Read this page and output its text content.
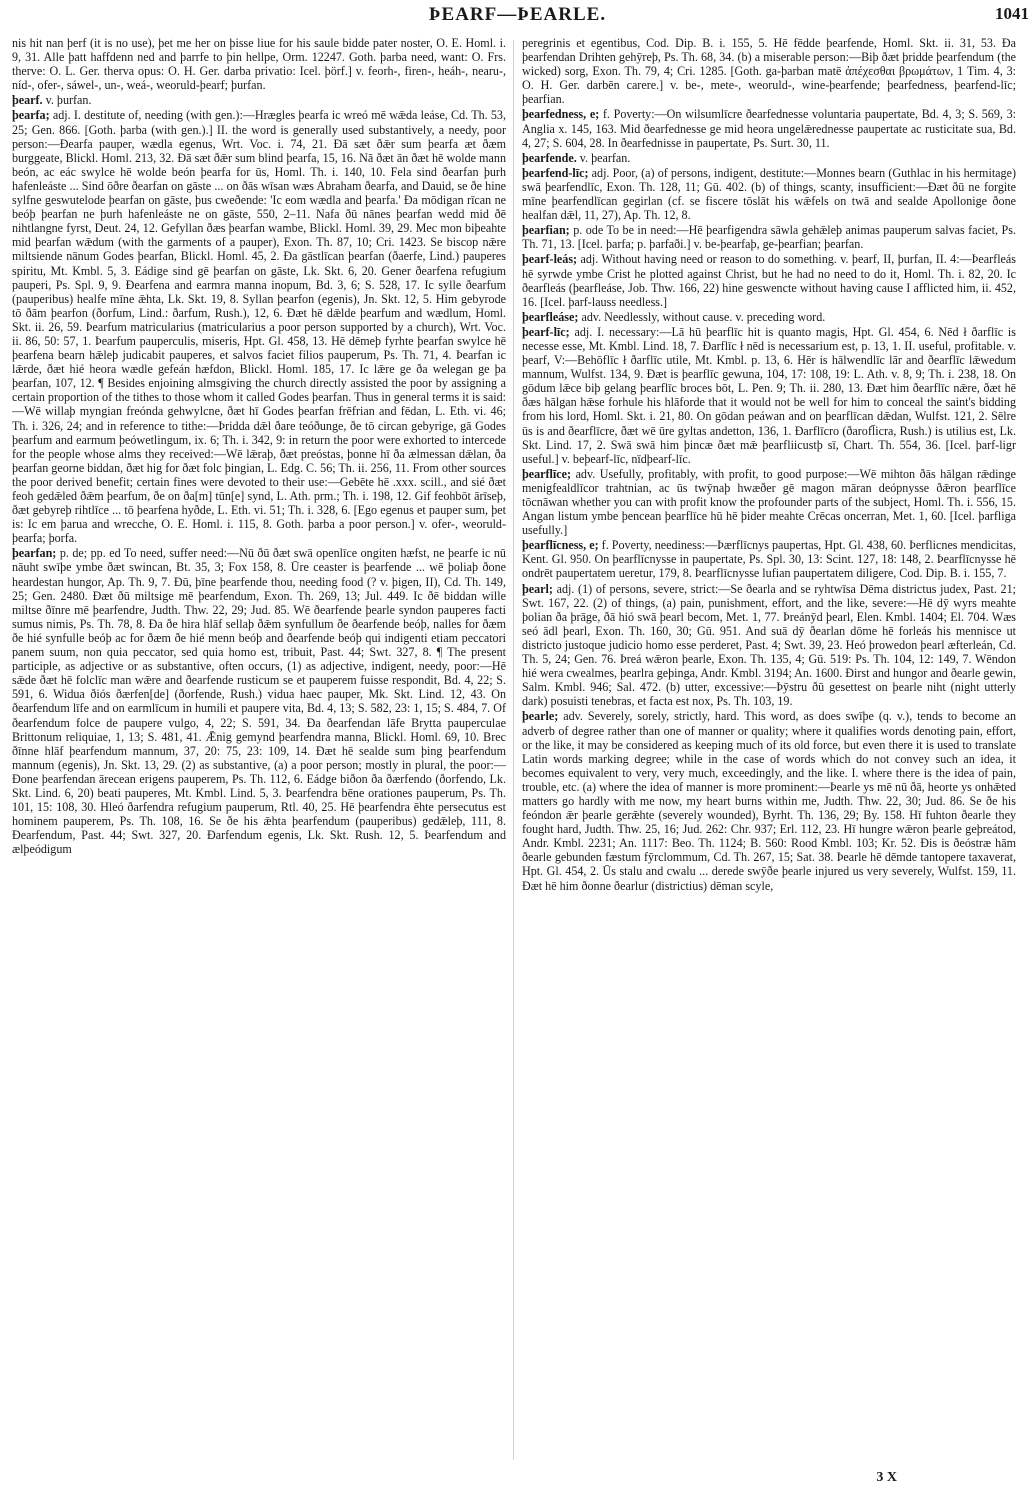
ÞEARF—ÞEARLE.	1041

nis hit nan þerf (it is no use), þet me her on þisse liue for his saule bidde pater noster, O. E. Homl. i. 9, 31. Alle þatt haffdenn ned and þarrfe to þin hellpe, Orm. 12247. Goth. þarba need, want: O. Frs. therve: O. L. Ger. therva opus: O. H. Ger. darba privatio: Icel. þörf.] v. feorh-, firen-, heáh-, nearu-, níd-, ofer-, sáwel-, un-, weá-, weoruld-þearf; þurfan.

þearf. v. þurfan.

þearfa; adj. I. destitute of, needing (with gen.):—Hrægles þearfa ic wreó mē wǣda leáse, Cd. Th. 53, 25; Gen. 866. [Goth. þarba (with gen.).] II. the word is generally used substantively, a needy, poor person:—Ðearfa pauper, wædla egenus, Wrt. Voc. i. 74, 21. Ðā sæt ðǣr sum þearfa æt ðæm burggeate, Blickl. Homl. 213, 32. Ðā sæt ðǣr sum blind þearfa, 15, 16. Nā ðæt ān ðæt hē wolde mann beón, ac eác swylce hē wolde beón þearfa for ūs, Homl. Th. i. 140, 10. Fela sind ðearfan þurh hafenleáste ... Sind ōðre ðearfan on gāste ... on ðās wīsan wæs Abraham ðearfa, and Dauid, se ðe hine sylfne geswutelode þearfan on gāste, þus cweðende: 'Ic eom wædla and þearfa.' Ða mōdigan rīcan ne beóþ þearfan ne þurh hafenleáste ne on gāste, 550, 2–11. Nafa ðū nānes þearfan wedd mid ðē nihtlangne fyrst, Deut. 24, 12. Gefyllan ðæs þearfan wambe, Blickl. Homl. 39, 29. Mec mon biþeahte mid þearfan wǣdum (with the garments of a pauper), Exon. Th. 87, 10; Cri. 1423. Se biscop nǣre miltsiende nānum Godes þearfan, Blickl. Homl. 45, 2. Ða gāstlīcan þearfan (ðaerfe, Lind.) pauperes spiritu, Mt. Kmbl. 5, 3. Eádige sind gē þearfan on gāste, Lk. Skt. 6, 20. Gener ðearfena refugium pauperi, Ps. Spl. 9, 9. Ðearfena and earmra manna inopum, Bd. 3, 6; S. 528, 17. Ic sylle ðearfum (pauperibus) healfe mīne ǣhta, Lk. Skt. 19, 8. Syllan þearfon (egenis), Jn. Skt. 12, 5. Him gebyrode tō ðām þearfon (ðorfum, Lind.: ðarfum, Rush.), 12, 6. Ðæt hē dǣlde þearfum and wædlum, Homl. Skt. ii. 26, 59. Þearfum matricularius (matricularius a poor person supported by a church), Wrt. Voc. ii. 86, 50: 57, 1. Þearfum pauperculis, miseris, Hpt. Gl. 458, 13. Hē dēmeþ fyrhte þearfan swylce hē þearfena bearn hǣleþ judicabit pauperes, et salvos faciet filios pauperum, Ps. Th. 71, 4. Þearfan ic lǣrde, ðæt hié heora wædle gefeán hæfdon, Blickl. Homl. 185, 17. Ic lǣre ge ða welegan ge þa þearfan, 107, 12. ¶ Besides enjoining almsgiving the church directly assisted the poor by assigning a certain proportion of the tithes to those whom it called Godes þearfan. Thus in general terms it is said:—Wē willaþ myngian freónda gehwylcne, ðæt hī Godes þearfan frēfrian and fēdan, L. Eth. vi. 46; Th. i. 326, 24; and in reference to tithe:—Þridda dǣl ðare teóðunge, ðe tō circan gebyrige, gā Godes þearfum and earmum þeówetlingum, ix. 6; Th. i. 342, 9: in return the poor were exhorted to intercede for the people whose alms they received:—Wē lǣraþ, ðæt preóstas, þonne hī ða ælmessan dǣlan, ða þearfan georne biddan, ðæt hig for ðæt folc þingian, L. Edg. C. 56; Th. ii. 256, 11. From other sources the poor derived benefit; certain fines were devoted to their use:—Gebēte hē .xxx. scill., and sié ðæt feoh gedǣled ðǣm þearfum, ðe on ða[m] tūn[e] synd, L. Ath. prm.; Th. i. 198, 12. Gif feohbōt ārīseþ, ðæt gebyreþ rihtlīce ... tō þearfena hyðde, L. Eth. vi. 51; Th. i. 328, 6. [Ego egenus et pauper sum, þet is: Ic em þarua and wrecche, O. E. Homl. i. 115, 8. Goth. þarba a poor person.] v. ofer-, weoruld-þearfa; þorfa.

þearfan; p. de; pp. ed To need, suffer need:—Nū ðū ðæt swā openlīce ongiten hæfst, ne þearfe ic nū nāuht swīþe ymbe ðæt swincan, Bt. 35, 3; Fox 158, 8. Ūre ceaster is þearfende ... wē þoliaþ ðone heardestan hungor, Ap. Th. 9, 7. Ðū, þīne þearfende thou, needing food (? v. þigen, II), Cd. Th. 149, 25; Gen. 2480. Ðæt ðū miltsige mē þearfendum, Exon. Th. 269, 13; Jul. 449. Ic ðē biddan wille miltse ðīnre mē þearfendre, Judth. Thw. 22, 29; Jud. 85. Wē ðearfende þearle syndon pauperes facti sumus nimis, Ps. Th. 78, 8. Ða ðe hira hlāf sellaþ ðǣm synfullum ðe ðearfende beóþ, nalles for ðæm ðe hié synfulle beóþ ac for ðæm ðe hié menn beóþ and ðearfende beóþ qui indigenti etiam peccatori panem suum, non quia peccator, sed quia homo est, tribuit, Past. 44; Swt. 327, 8. ¶ The present participle, as adjective or as substantive, often occurs, (1) as adjective, indigent, needy, poor:—Hē sǣde ðæt hē folclīc man wǣre and ðearfende rusticum se et pauperem fuisse respondit, Bd. 4, 22; S. 591, 6. Widua ðiós ðærfen[de] (ðorfende, Rush.) vidua haec pauper, Mk. Skt. Lind. 12, 43. On ðearfendum līfe and on earmlīcum in humili et paupere vita, Bd. 4, 13; S. 582, 23: 1, 15; S. 484, 7. Of ðearfendum folce de paupere vulgo, 4, 22; S. 591, 34. Ða ðearfendan lāfe Brytta pauperculae Brittonum reliquiae, 1, 13; S. 481, 41. Ǣnig gemynd þearfendra manna, Blickl. Homl. 69, 10. Brec ðīnne hlāf þearfendum mannum, 37, 20: 75, 23: 109, 14. Ðæt hē sealde sum þing þearfendum mannum (egenis), Jn. Skt. 13, 29. (2) as substantive, (a) a poor person; mostly in plural, the poor:—Ðone þearfendan ārecean erigens pauperem, Ps. Th. 112, 6. Eádge biðon ða ðærfendo (ðorfendo, Lk. Skt. Lind. 6, 20) beati pauperes, Mt. Kmbl. Lind. 5, 3. Þearfendra bēne orationes pauperum, Ps. Th. 101, 15: 108, 30. Hleó ðarfendra refugium pauperum, Rtl. 40, 25. Hē þearfendra ēhte persecutus est hominem pauperem, Ps. Th. 108, 16. Se ðe his ǣhta þearfendum (pauperibus) gedǣleþ, 111, 8. Ðearfendum, Past. 44; Swt. 327, 20. Ðarfendum egenis, Lk. Skt. Rush. 12, 5. Þearfendum and ælþeódigum

peregrinis et egentibus, Cod. Dip. B. i. 155, 5. Hē fēdde þearfende, Homl. Skt. ii. 31, 53. Ða þearfendan Drihten gehȳreþ, Ps. Th. 68, 34. (b) a miserable person:—Biþ ðæt þridde þearfendum (the wicked) sorg, Exon. Th. 79, 4; Cri. 1285. [Goth. ga-þarban matē ἀπέχεσθαι βρωμάτων, 1 Tim. 4, 3: O. H. Ger. darbēn carere.] v. be-, mete-, weoruld-, wine-þearfende; þearfedness, þearfend-līc; þearfian.

þearfedness, e; f. Poverty:—On wilsumlīcre ðearfednesse voluntaria paupertate, Bd. 4, 3; S. 569, 3: Anglia x. 145, 163. Mid ðearfednesse ge mid heora ungelǣrednesse paupertate ac rusticitate sua, Bd. 4, 27; S. 604, 28. In ðearfednisse in paupertate, Ps. Surt. 30, 11.

þearfende. v. þearfan.

þearfend-līc; adj. Poor, (a) of persons, indigent, destitute:—Monnes bearn (Guthlac in his hermitage) swā þearfendlīc, Exon. Th. 128, 11; Gū. 402. (b) of things, scanty, insufficient:—Ðæt ðū ne forgite mīne þearfendlīcan gegirlan (cf. se fiscere tōslāt his wǣfels on twā and sealde Apollonige ðone healfan dǣl, 11, 27), Ap. Th. 12, 8.

þearfian; p. ode To be in need:—Hē þearfigendra sāwla gehǣleþ animas pauperum salvas faciet, Ps. Th. 71, 13. [Icel. þarfa; p. þarfaði.] v. be-þearfaþ, ge-þearfian; þearfan.

þearf-leás; adj. Without having need or reason to do something. v. þearf, II, þurfan, II. 4:—Þearfleás hē syrwde ymbe Crist he plotted against Christ, but he had no need to do it, Homl. Th. i. 82, 20. Ic ðearfleás (þearfleáse, Job. Thw. 166, 22) hine geswencte without having cause I afflicted him, ii. 452, 16. [Icel. þarf-lauss needless.]

þearfleáse; adv. Needlessly, without cause. v. preceding word.

þearf-līc; adj. I. necessary:—Lā hū þearflīc hit is quanto magis, Hpt. Gl. 454, 6. Nēd ł ðarflīc is necesse esse, Mt. Kmbl. Lind. 18, 7. Ðarflīc ł nēd is necessarium est, p. 13, 1. II. useful, profitable. v. þearf, V:—Behōflīc ł ðarflīc utile, Mt. Kmbl. p. 13, 6. Hēr is hālwendlīc lār and ðearflīc lǣwedum mannum, Wulfst. 134, 9. Ðæt is þearflīc gewuna, 104, 17: 108, 19: L. Ath. v. 8, 9; Th. i. 238, 18. On gōdum lǣce biþ gelang þearflīc broces bōt, L. Pen. 9; Th. ii. 280, 13. Ðæt him ðearflīc nǣre, ðæt hē ðæs hālgan hǣse forhule his hlāforde that it would not be well for him to conceal the saint's bidding from his lord, Homl. Skt. i. 21, 80. On gōdan peáwan and on þearflīcan dǣdan, Wulfst. 121, 2. Sēlre ūs is and ðearflīcre, ðæt wē ūre gyltas andetton, 136, 1. Ðarflīcro (ðarofl̄icra, Rush.) is utilius est, Lk. Skt. Lind. 17, 2. Swā swā him þincæ ðæt mǣ þearfliicustþ sī, Chart. Th. 554, 36. [Icel. þarf-ligr useful.] v. beþearf-līc, nīdþearf-līc.

þearflīce; adv. Usefully, profitably, with profit, to good purpose:—Wē mihton ðās hālgan rǣdinge menigfealdlīcor trahtnian, ac ūs twȳnaþ hwæðer gē magon māran deópnysse ðǣron þearflīce tōcnāwan whether you can with profit know the profounder parts of the subject, Homl. Th. i. 556, 15. Angan listum ymbe þencean þearflīce hū hē þider meahte Crēcas oncerran, Met. 1, 60. [Icel. þarfliga usefully.]

þearflīcness, e; f. Poverty, neediness:—Þærflīcnys paupertas, Hpt. Gl. 438, 60. Þerflicnes mendicitas, Kent. Gl. 950. On þearflīcnysse in paupertate, Ps. Spl. 30, 13: Scint. 127, 18: 148, 2. Þearflīcnysse hē ondrēt paupertatem ueretur, 179, 8. Þearflīcnysse lufian paupertatem diligere, Cod. Dip. B. i. 155, 7.

þearl; adj. (1) of persons, severe, strict:—Se ðearla and se ryhtwīsa Dēma districtus judex, Past. 21; Swt. 167, 22. (2) of things, (a) pain, punishment, effort, and the like, severe:—Hē dȳ wyrs meahte þolian ða þrāge, ðā hió swā þearl becom, Met. 1, 77. Þreánȳd þearl, Elen. Kmbl. 1404; El. 704. Wæs seó ādl þearl, Exon. Th. 160, 30; Gū. 951. And suā dȳ ðearlan dōme hē forleás his mennisce ut districto justoque judicio homo esse perderet, Past. 4; Swt. 39, 23. Heó þrowedon þearl æfterleán, Cd. Th. 5, 24; Gen. 76. Þreá wǣron þearle, Exon. Th. 135, 4; Gū. 519: Ps. Th. 104, 12: 149, 7. Wēndon hié wera cwealmes, þearlra geþinga, Andr. Kmbl. 3194; An. 1600. Ðirst and hungor and ðearle gewin, Salm. Kmbl. 946; Sal. 472. (b) utter, excessive:—Þȳstru ðū gesettest on þearle niht (night utterly dark) posuisti tenebras, et facta est nox, Ps. Th. 103, 19.

þearle; adv. Severely, sorely, strictly, hard. This word, as does swīþe (q. v.), tends to become an adverb of degree rather than one of manner or quality; where it qualifies words denoting pain, effort, or the like, it may be considered as keeping much of its old force, but even there it is used to translate Latin words marking degree; while in the case of words which do not convey such an idea, it becomes equivalent to very, very much, exceedingly, and the like. I. where there is the idea of pain, trouble, etc. (a) where the idea of manner is more prominent:—Þearle ys mē nū ðā, heorte ys onhǣted matters go hardly with me now, my heart burns within me, Judth. Thw. 22, 30; Jud. 86. Se ðe his feóndon ǣr þearle gerǣhte (severely wounded), Byrht. Th. 136, 29; By. 158. Hī fuhton ðearle they fought hard, Judth. Thw. 25, 16; Jud. 262: Chr. 937; Erl. 112, 23. Hī hungre wǣron þearle geþreátod, Andr. Kmbl. 2231; An. 1117: Beo. Th. 1124; B. 560: Rood Kmbl. 103; Kr. 52. Ðis is ðeóstræ hām ðearle gebunden fæstum fȳrclommum, Cd. Th. 267, 15; Sat. 38. Þearle hē dēmde tantopere taxaverat, Hpt. Gl. 454, 2. Ūs stalu and cwalu ... derede swȳðe þearle injured us very severely, Wulfst. 159, 11. Ðæt hē him ðonne ðearlur (districtius) dēman scyle,

3 X
